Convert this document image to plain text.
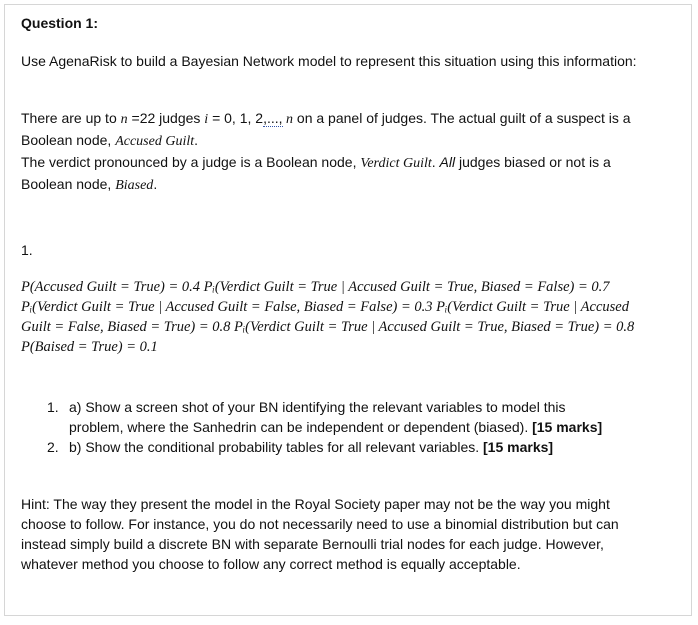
Question 1:
Use AgenaRisk to build a Bayesian Network model to represent this situation using this information:
There are up to n =22 judges i = 0, 1, 2,..., n on a panel of judges. The actual guilt of a suspect is a Boolean node, Accused Guilt.
The verdict pronounced by a judge is a Boolean node, Verdict Guilt. All judges biased or not is a Boolean node, Biased.
1.
P(Accused Guilt = True) = 0.4 Pᵢ(Verdict Guilt = True | Accused Guilt = True, Biased = False) = 0.7 Pᵢ(Verdict Guilt = True | Accused Guilt = False, Biased = False) = 0.3 Pᵢ(Verdict Guilt = True | Accused Guilt = False, Biased = True) = 0.8 Pᵢ(Verdict Guilt = True | Accused Guilt = True, Biased = True) = 0.8 P(Baised = True) = 0.1
1. a) Show a screen shot of your BN identifying the relevant variables to model this problem, where the Sanhedrin can be independent or dependent (biased). [15 marks]
2. b) Show the conditional probability tables for all relevant variables. [15 marks]
Hint: The way they present the model in the Royal Society paper may not be the way you might choose to follow. For instance, you do not necessarily need to use a binomial distribution but can instead simply build a discrete BN with separate Bernoulli trial nodes for each judge. However, whatever method you choose to follow any correct method is equally acceptable.
